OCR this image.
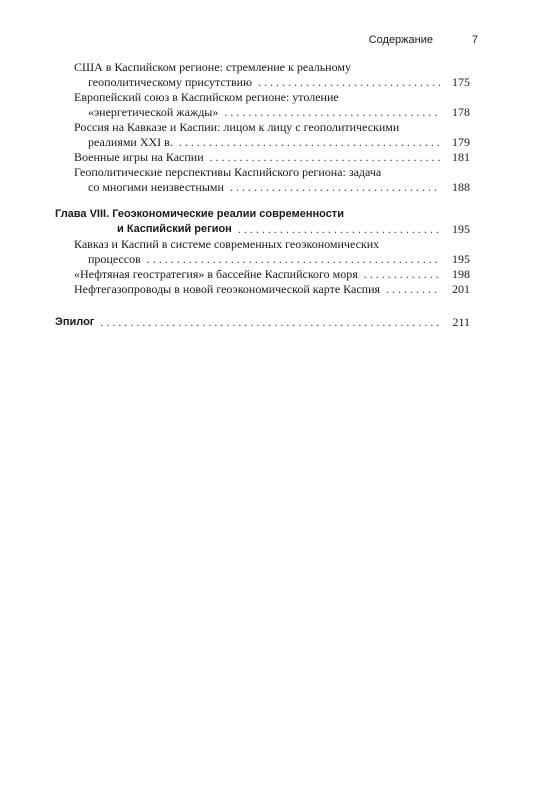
Содержание	7
США в Каспийском регионе: стремление к реальному
геополитическому присутствию . . .	175
Европейский союз в Каспийском регионе: утоление
«энергетической жажды» . . .	178
Россия на Кавказе и Каспии: лицом к лицу с геополитическими
реалиями XXI в. . . .	179
Военные игры на Каспии . . .	181
Геополитические перспективы Каспийского региона: задача
со многими неизвестными . . .	188
Глава VIII. Геоэкономические реалии современности
и Каспийский регион . . .	195
Кавказ и Каспий в системе современных геоэкономических
процессов . . .	195
«Нефтяная геостратегия» в бассейне Каспийского моря . . .	198
Нефтегазопроводы в новой геоэкономической карте Каспия . . .	201
Эпилог . . .	211
